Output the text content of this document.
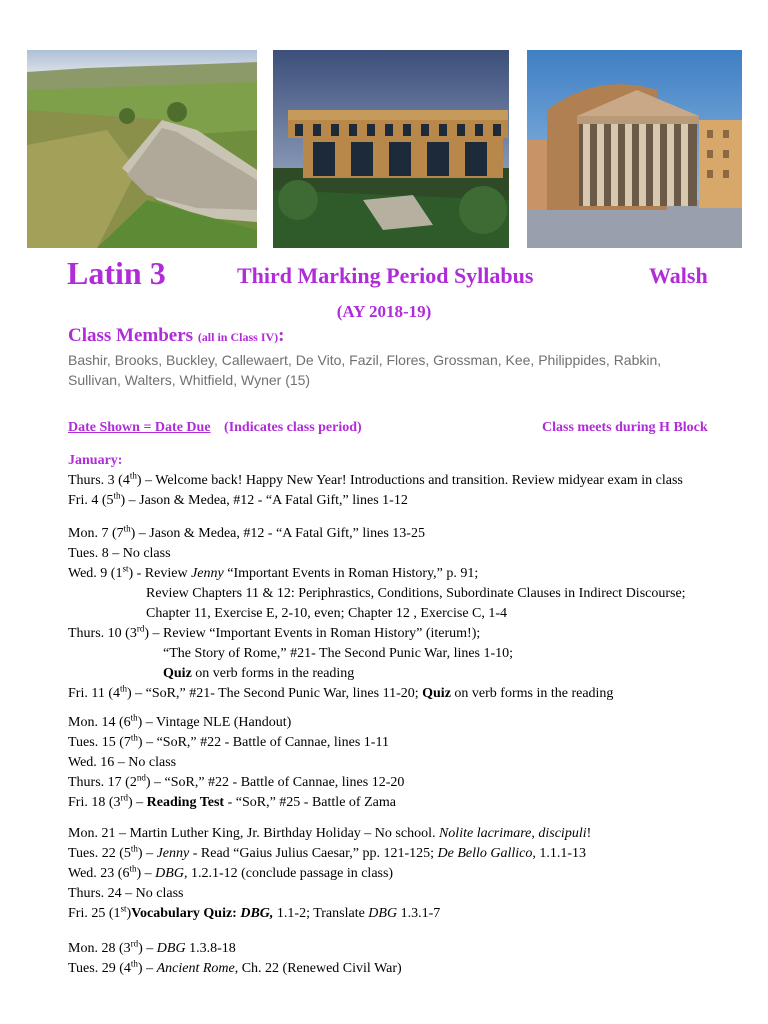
Latin 3	Third Marking Period Syllabus	Walsh
(AY 2018-19)
Class Members (all in Class IV):
Bashir, Brooks, Buckley, Callewaert, De Vito, Fazil, Flores, Grossman, Kee, Philippides, Rabkin, Sullivan, Walters, Whitfield, Wyner (15)
Date Shown = Date Due (Indicates class period)	Class meets during H Block
January:
Thurs. 3 (4th) – Welcome back! Happy New Year! Introductions and transition. Review midyear exam in class
Fri. 4 (5th) – Jason & Medea, #12 - “A Fatal Gift,” lines 1-12
Mon. 7 (7th) – Jason & Medea, #12 - “A Fatal Gift,” lines 13-25
Tues. 8 – No class
Wed. 9 (1st) - Review Jenny “Important Events in Roman History,” p. 91;
Review Chapters 11 & 12: Periphrastics, Conditions, Subordinate Clauses in Indirect Discourse;
Chapter 11, Exercise E, 2-10, even; Chapter 12 , Exercise C, 1-4
Thurs. 10 (3rd) – Review “Important Events in Roman History” (iterum!);
“The Story of Rome,” #21- The Second Punic War, lines 1-10;
Quiz on verb forms in the reading
Fri. 11 (4th) – “SoR,” #21- The Second Punic War, lines 11-20; Quiz on verb forms in the reading
Mon. 14 (6th) – Vintage NLE (Handout)
Tues. 15 (7th) – “SoR,” #22 - Battle of Cannae, lines 1-11
Wed. 16 – No class
Thurs. 17 (2nd) – “SoR,” #22 - Battle of Cannae, lines 12-20
Fri. 18 (3rd) – Reading Test - “SoR,” #25 - Battle of Zama
Mon. 21 – Martin Luther King, Jr. Birthday Holiday – No school. Nolite lacrimare, discipuli!
Tues. 22 (5th) – Jenny - Read “Gaius Julius Caesar,” pp. 121-125; De Bello Gallico, 1.1.1-13
Wed. 23 (6th) – DBG, 1.2.1-12 (conclude passage in class)
Thurs. 24 – No class
Fri. 25 (1st)Vocabulary Quiz: DBG, 1.1-2; Translate DBG 1.3.1-7
Mon. 28 (3rd) – DBG 1.3.8-18
Tues. 29 (4th) – Ancient Rome, Ch. 22 (Renewed Civil War)
